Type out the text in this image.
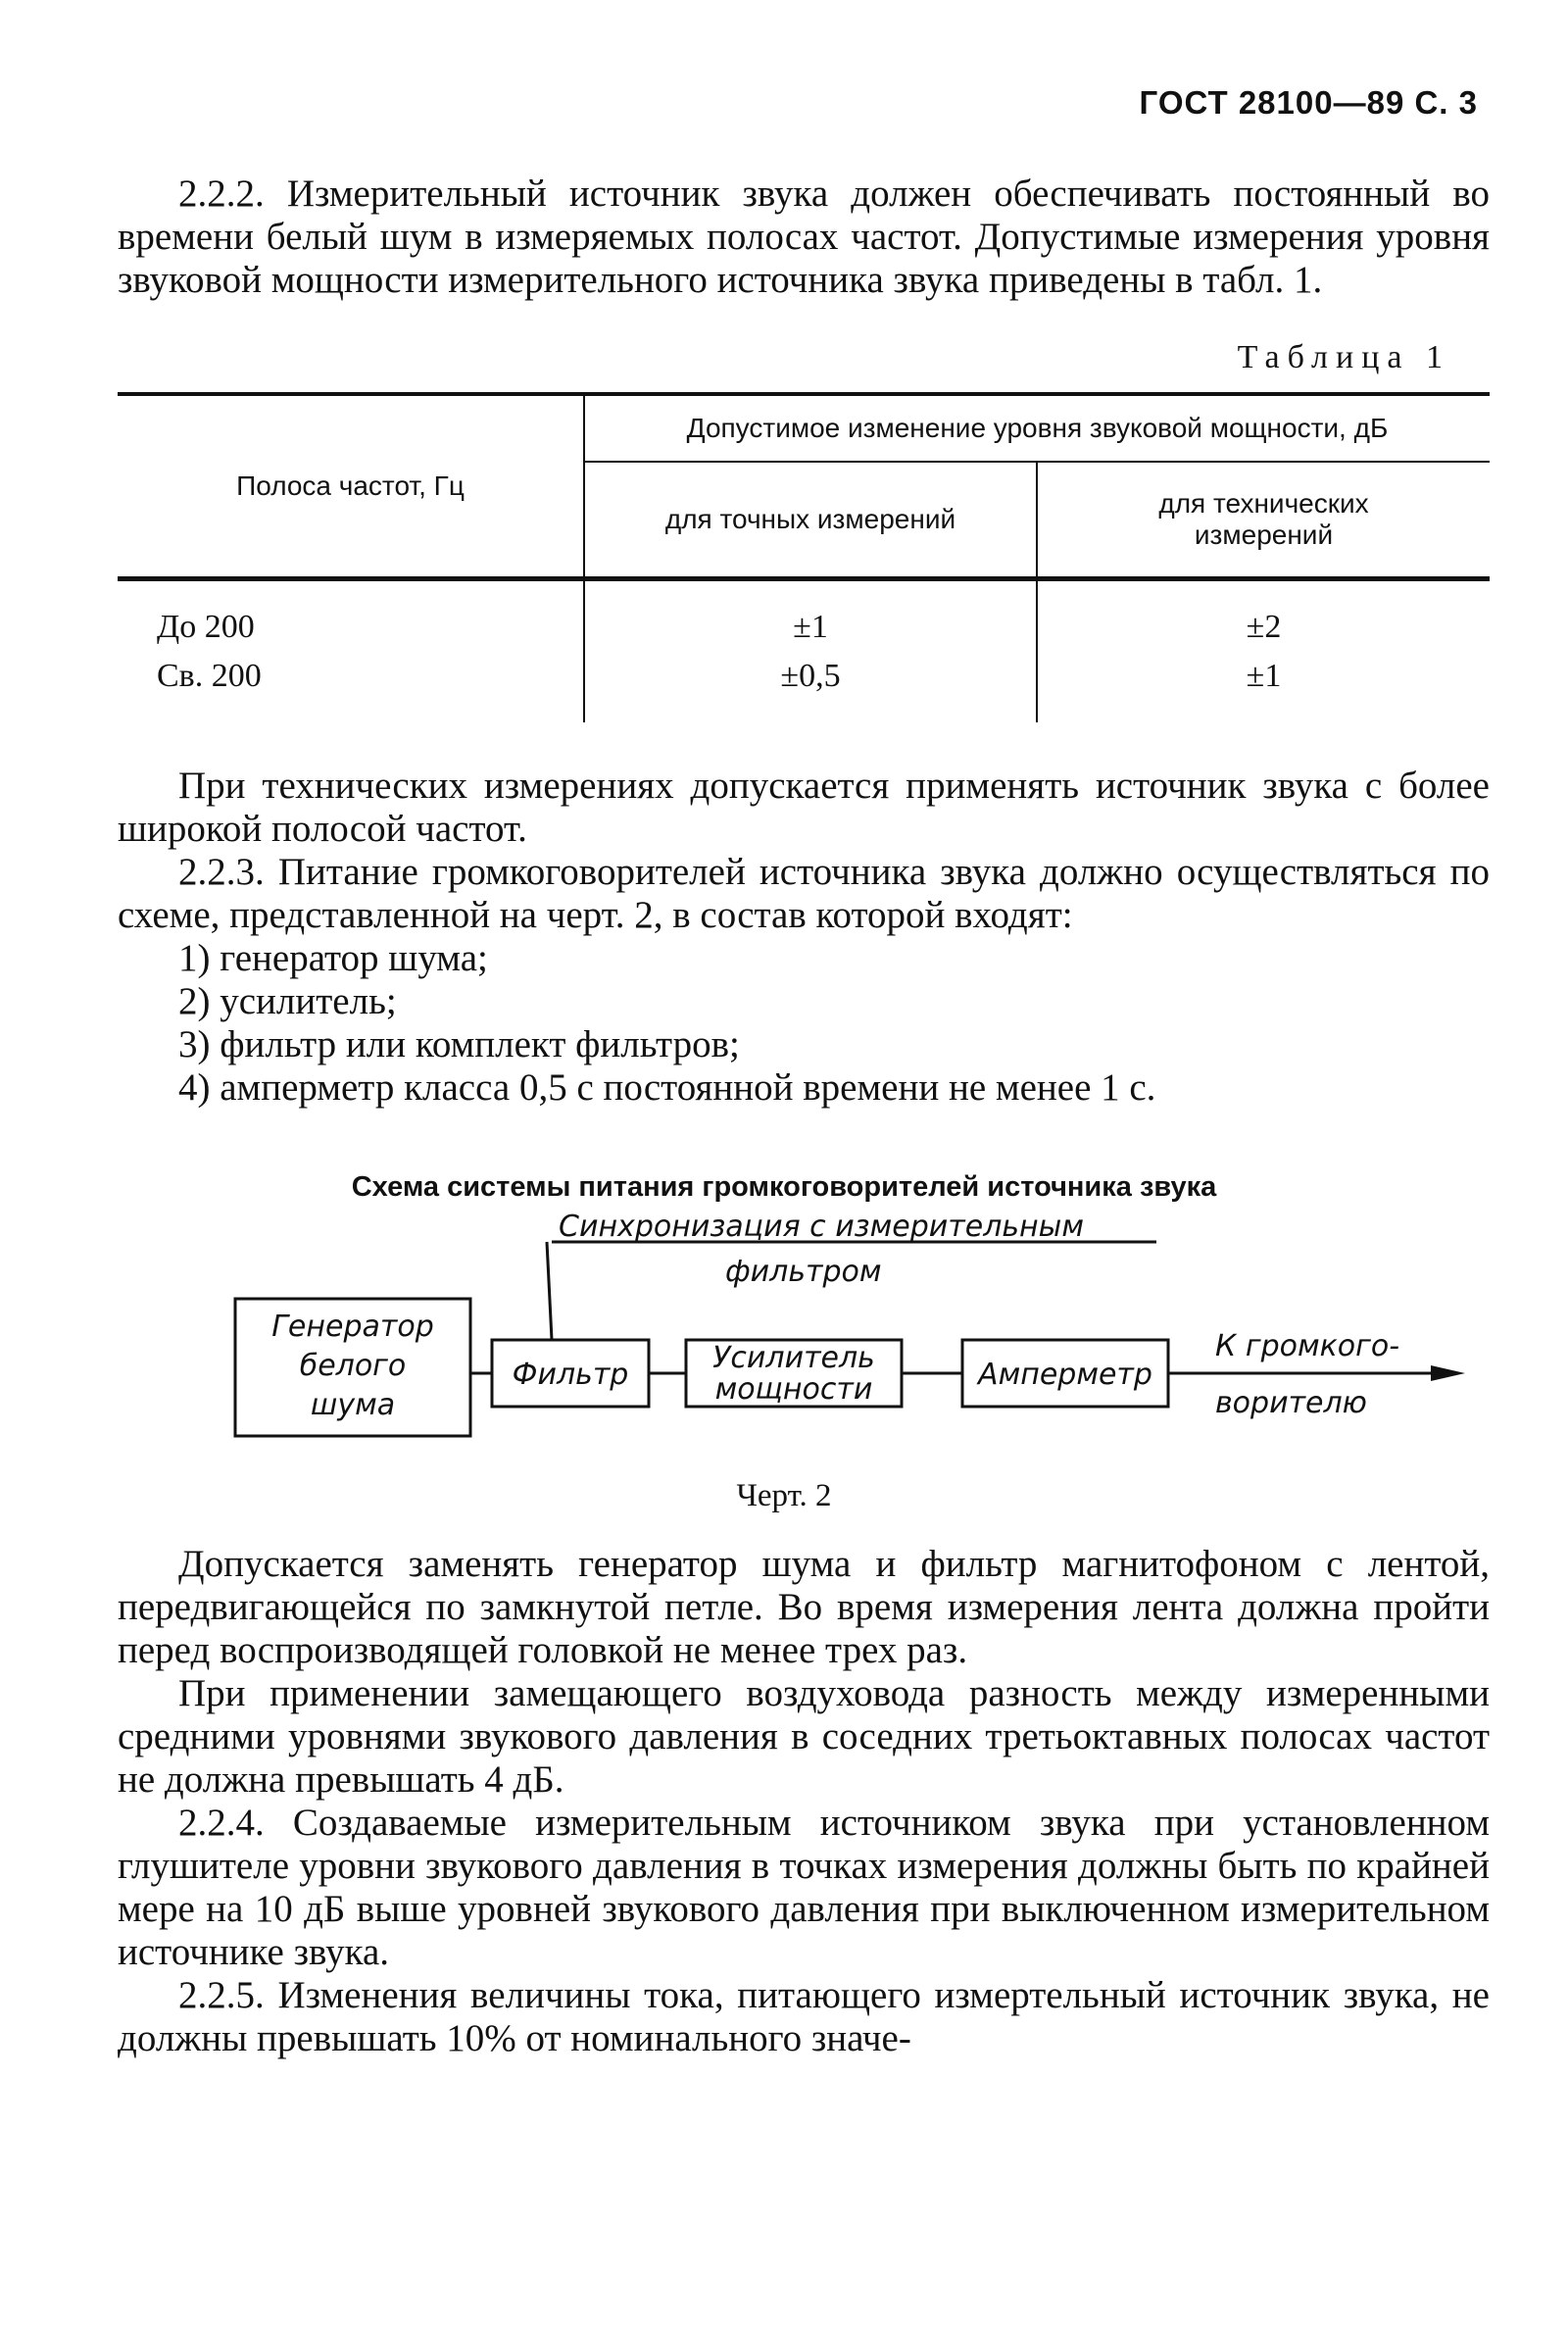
ГОСТ 28100—89 С. 3

2.2.2. Измерительный источник звука должен обеспечивать постоянный во времени белый шум в измеряемых полосах частот. Допустимые измерения уровня звуковой мощности измерительного источника звука приведены в табл. 1.

Таблица 1
Полоса частот, Гц	Допустимое изменение уровня звуковой мощности, дБ	
	для точных измерений	для технических измерений
До 200	±1	±2
Св. 200	±0,5	±1

При технических измерениях допускается применять источник звука с более широкой полосой частот.

2.2.3. Питание громкоговорителей источника звука должно осуществляться по схеме, представленной на черт. 2, в состав которой входят:

1) генератор шума;

2) усилитель;

3) фильтр или комплект фильтров;

4) амперметр класса 0,5 с постоянной времени не менее 1 с.

Схема системы питания громкоговорителей источника звука
Синхронизация с измерительным
фильтром
Генератор
белого
шума
Фильтр	Усилитель
мощности	Амперметр
К громкого-
ворителю
Черт. 2

Допускается заменять генератор шума и фильтр магнитофоном с лентой, передвигающейся по замкнутой петле. Во время измерения лента должна пройти перед воспроизводящей головкой не менее трех раз.

При применении замещающего воздуховода разность между измеренными средними уровнями звукового давления в соседних третьоктавных полосах частот не должна превышать 4 дБ.

2.2.4. Создаваемые измерительным источником звука при установленном глушителе уровни звукового давления в точках измерения должны быть по крайней мере на 10 дБ выше уровней звукового давления при выключенном измерительном источнике звука.

2.2.5. Изменения величины тока, питающего измертельный источник звука, не должны превышать 10% от номинального значе-
